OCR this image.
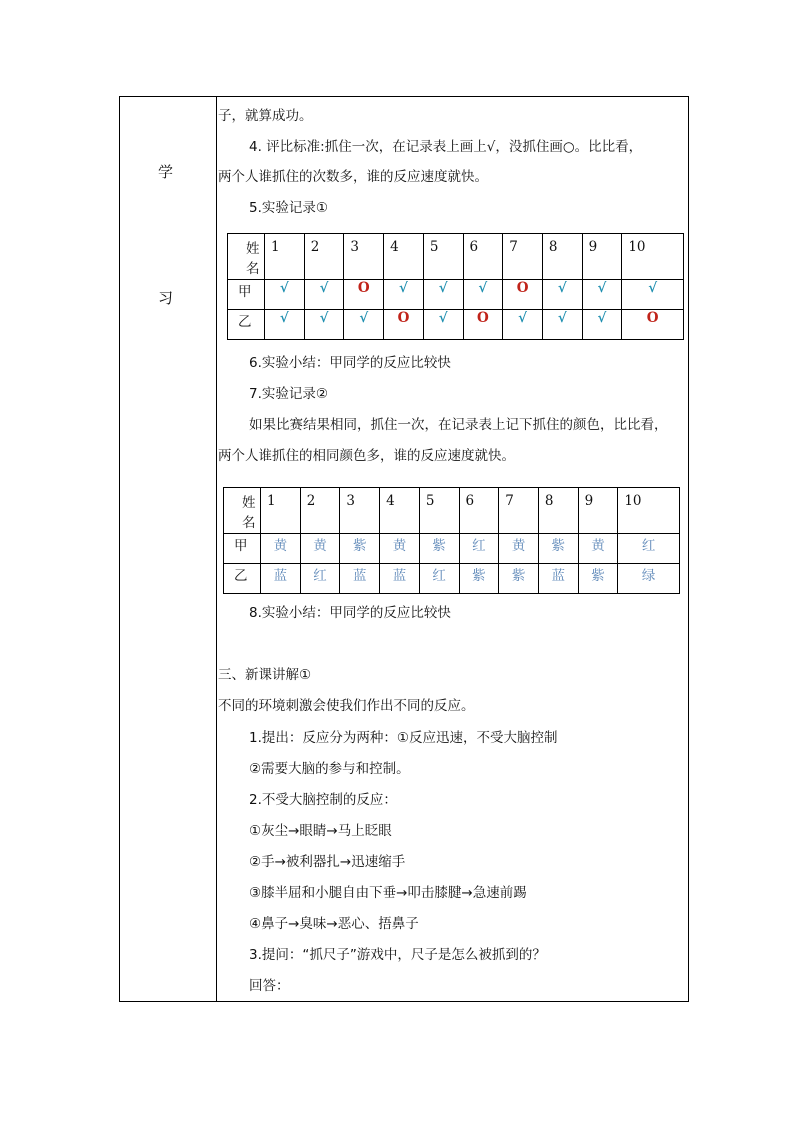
学
习
子，就算成功。
4. 评比标准:抓住一次，在记录表上画上√，没抓住画○。比比看，
两个人谁抓住的次数多，谁的反应速度就快。
5.实验记录①
姓
名	1	2	3	4	5	6	7	8	9	10

甲	√	√	O	√	√	√	O	√	√	√
乙	√	√	√	O	√	O	√	√	√	O
6.实验小结：甲同学的反应比较快
7.实验记录②
如果比赛结果相同，抓住一次，在记录表上记下抓住的颜色，比比看，
两个人谁抓住的相同颜色多，谁的反应速度就快。
姓
名	1	2	3	4	5	6	7	8	9	10

甲	黄	黄	紫	黄	紫	红	黄	紫	黄	红
乙	蓝	红	蓝	蓝	红	紫	紫	蓝	紫	绿
8.实验小结：甲同学的反应比较快
三、新课讲解①
不同的环境刺激会使我们作出不同的反应。
1.提出：反应分为两种：①反应迅速，不受大脑控制
②需要大脑的参与和控制。
2.不受大脑控制的反应：
①灰尘→眼睛→马上眨眼
②手→被利器扎→迅速缩手
③膝半屈和小腿自由下垂→叩击膝腱→急速前踢
④鼻子→臭味→恶心、捂鼻子
3.提问：“抓尺子”游戏中，尺子是怎么被抓到的？
回答：
